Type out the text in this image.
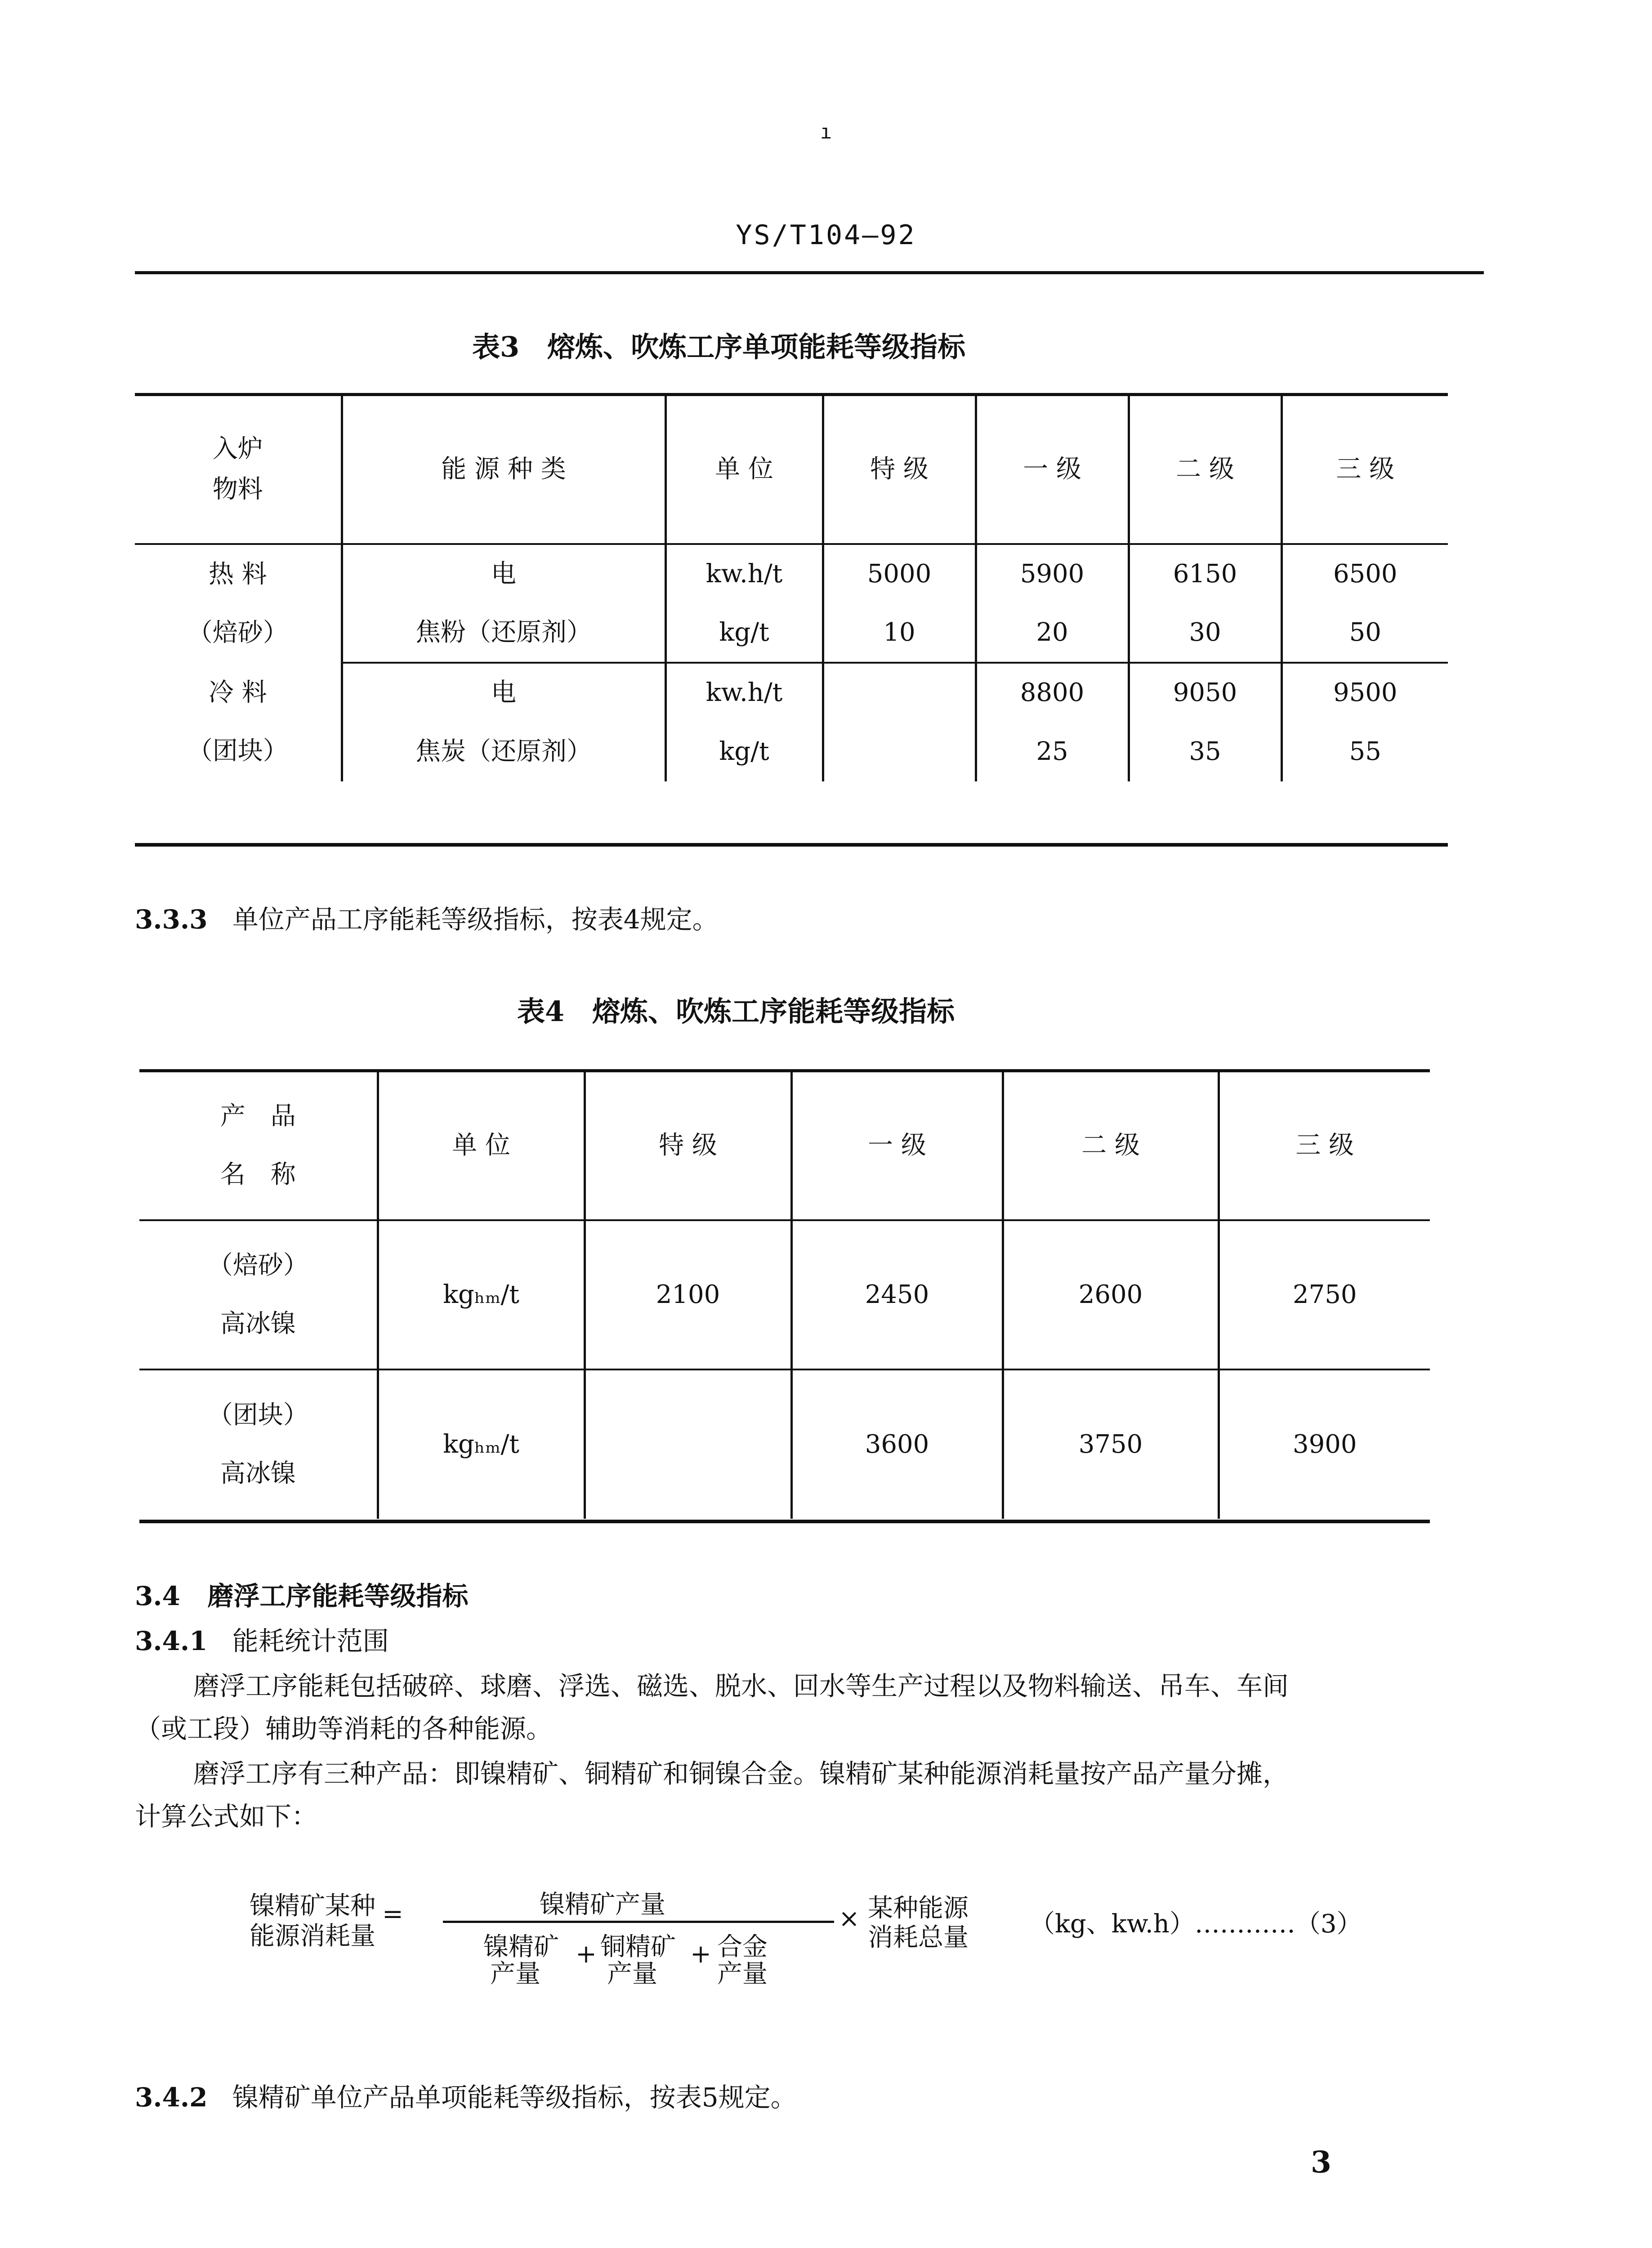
ı
YS/T104—92
表3　熔炼、吹炼工序单项能耗等级指标
入炉
物料	能 源 种 类	单 位	特 级	一 级	二 级	三 级
热 料
（焙砂）	电	kw.h/t	5000	5900	6150	6500
	焦粉（还原剂）	kg/t	10	20	30	50
冷 料
（团块）	电	kw.h/t		8800	9050	9500
	焦炭（还原剂）	kg/t		25	35	55
3.3.3 单位产品工序能耗等级指标，按表4规定。
表4　熔炼、吹炼工序能耗等级指标
产　品
名　称	单 位	特 级	一 级	二 级	三 级
（焙砂）
高冰镍	kgₕₘ/t	2100	2450	2600	2750
（团块）
高冰镍	kgₕₘ/t		3600	3750	3900
3.4 磨浮工序能耗等级指标
3.4.1 能耗统计范围
磨浮工序能耗包括破碎、球磨、浮选、磁选、脱水、回水等生产过程以及物料输送、吊车、车间
（或工段）辅助等消耗的各种能源。
磨浮工序有三种产品：即镍精矿、铜精矿和铜镍合金。镍精矿某种能源消耗量按产品产量分摊，
计算公式如下：
镍精矿某种
能源消耗量
=	镍精矿产量
镍精矿
产量
+ 铜精矿
产量
+ 合金
产量
× 某种能源
消耗总量 （kg、kw.h）…………（3）
3.4.2 镍精矿单位产品单项能耗等级指标，按表5规定。
3
